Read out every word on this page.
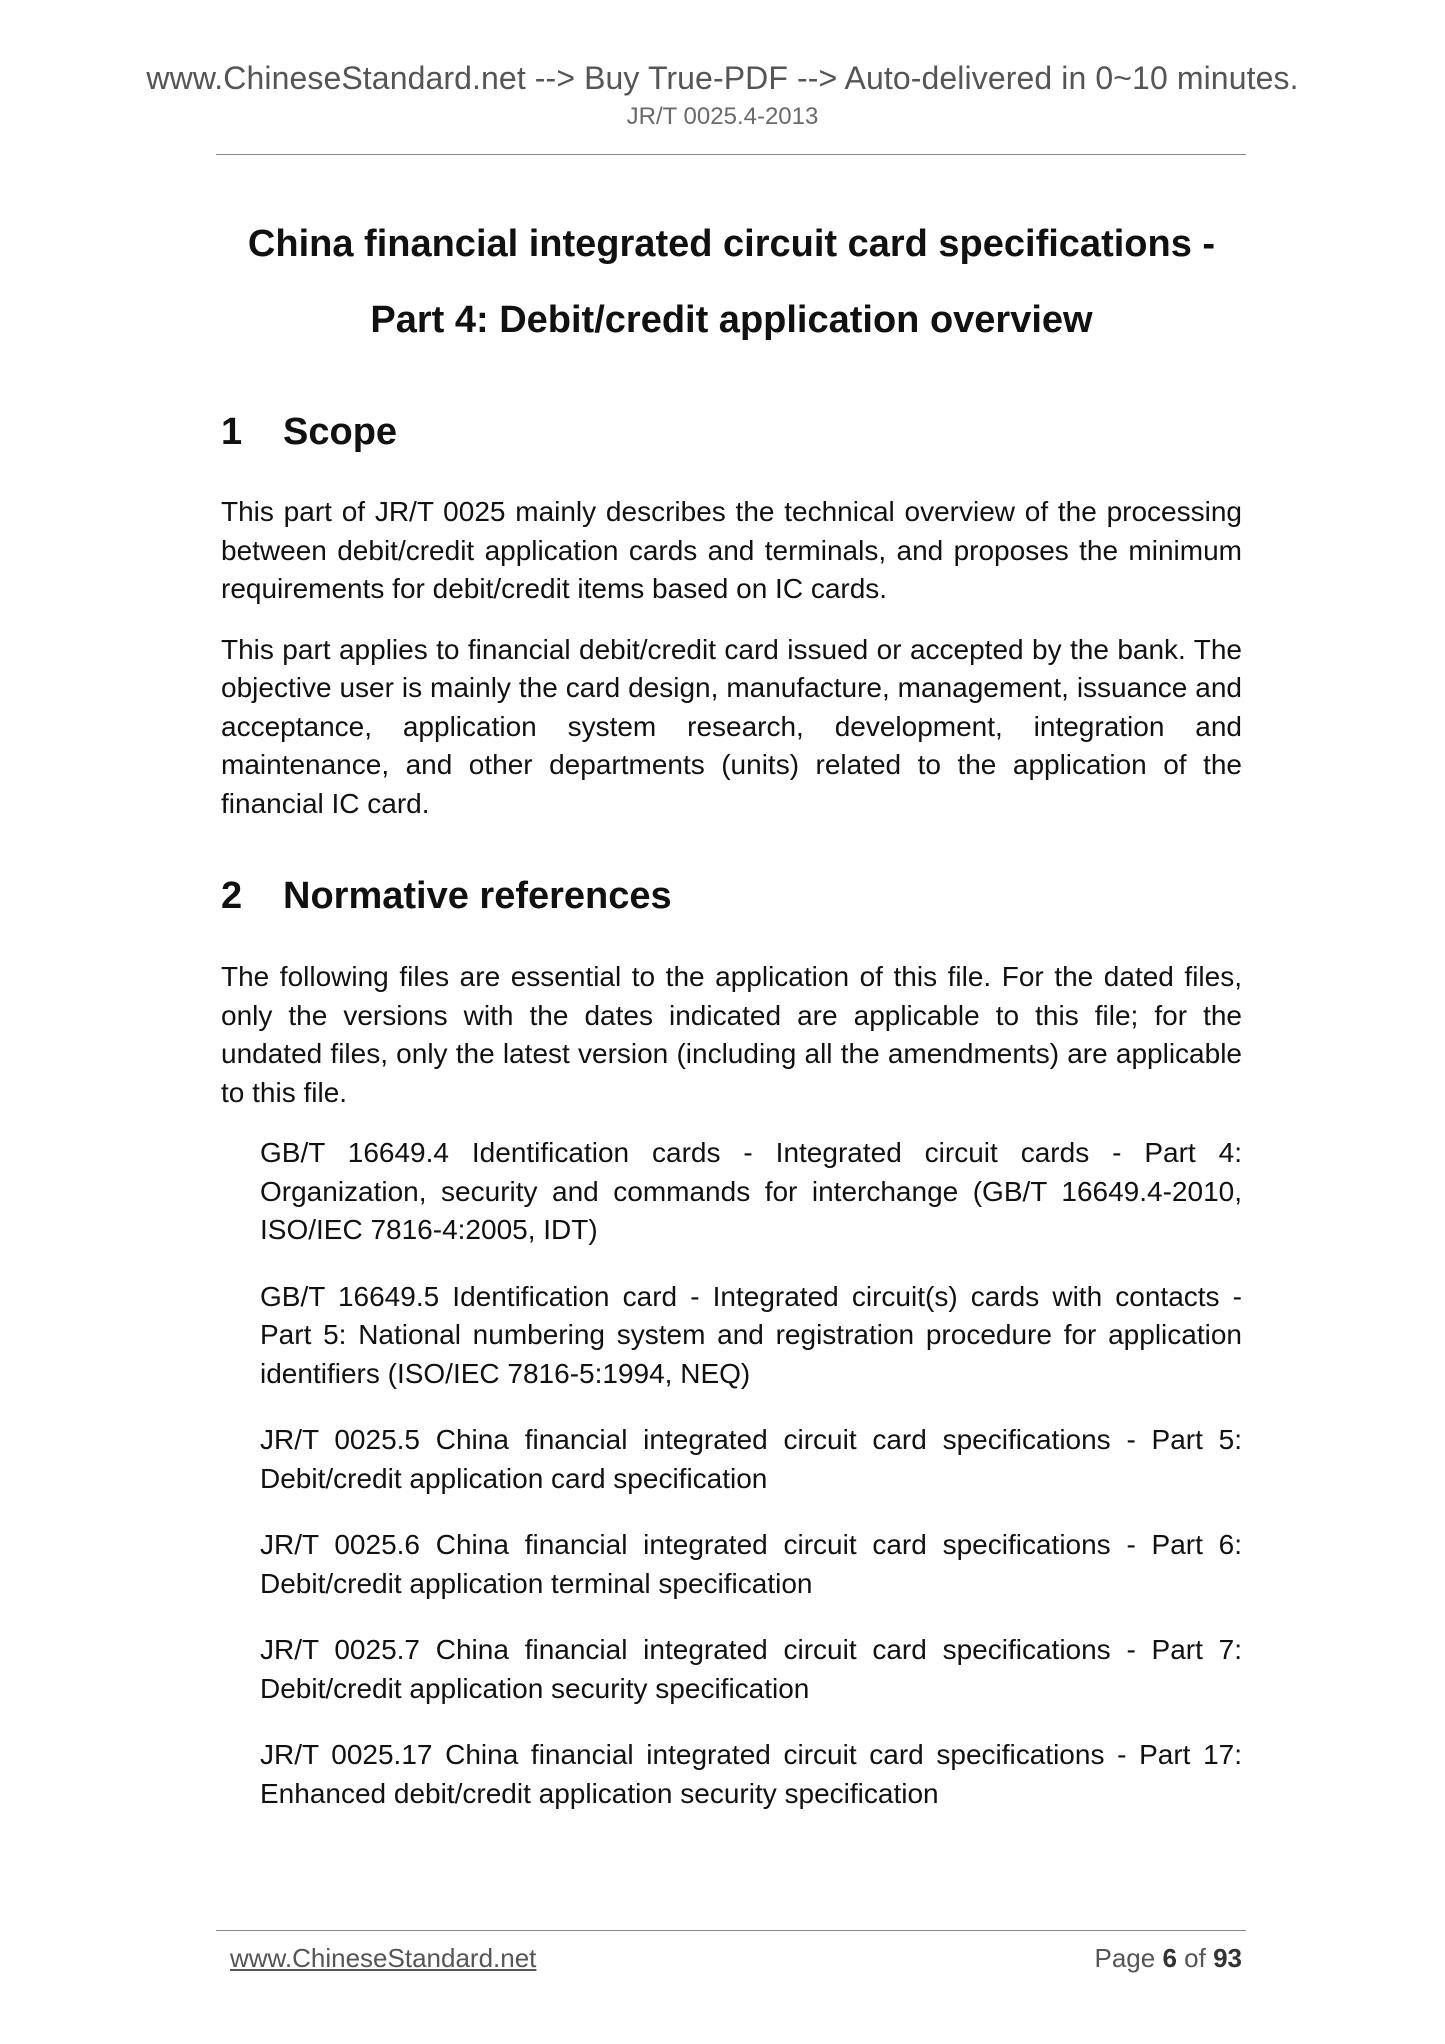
www.ChineseStandard.net --> Buy True-PDF --> Auto-delivered in 0~10 minutes.
JR/T 0025.4-2013
China financial integrated circuit card specifications -
Part 4: Debit/credit application overview
1	Scope

This part of JR/T 0025 mainly describes the technical overview of the processing between debit/credit application cards and terminals, and proposes the minimum requirements for debit/credit items based on IC cards.

This part applies to financial debit/credit card issued or accepted by the bank. The objective user is mainly the card design, manufacture, management, issuance and acceptance, application system research, development, integration and maintenance, and other departments (units) related to the application of the financial IC card.

2	Normative references

The following files are essential to the application of this file. For the dated files, only the versions with the dates indicated are applicable to this file; for the undated files, only the latest version (including all the amendments) are applicable to this file.

GB/T 16649.4 Identification cards - Integrated circuit cards - Part 4: Organization, security and commands for interchange (GB/T 16649.4-2010, ISO/IEC 7816-4:2005, IDT)

GB/T 16649.5 Identification card - Integrated circuit(s) cards with contacts - Part 5: National numbering system and registration procedure for application identifiers (ISO/IEC 7816-5:1994, NEQ)

JR/T 0025.5 China financial integrated circuit card specifications - Part 5: Debit/credit application card specification

JR/T 0025.6 China financial integrated circuit card specifications - Part 6: Debit/credit application terminal specification

JR/T 0025.7 China financial integrated circuit card specifications - Part 7: Debit/credit application security specification

JR/T 0025.17 China financial integrated circuit card specifications - Part 17: Enhanced debit/credit application security specification

www.ChineseStandard.net	Page 6 of 93
